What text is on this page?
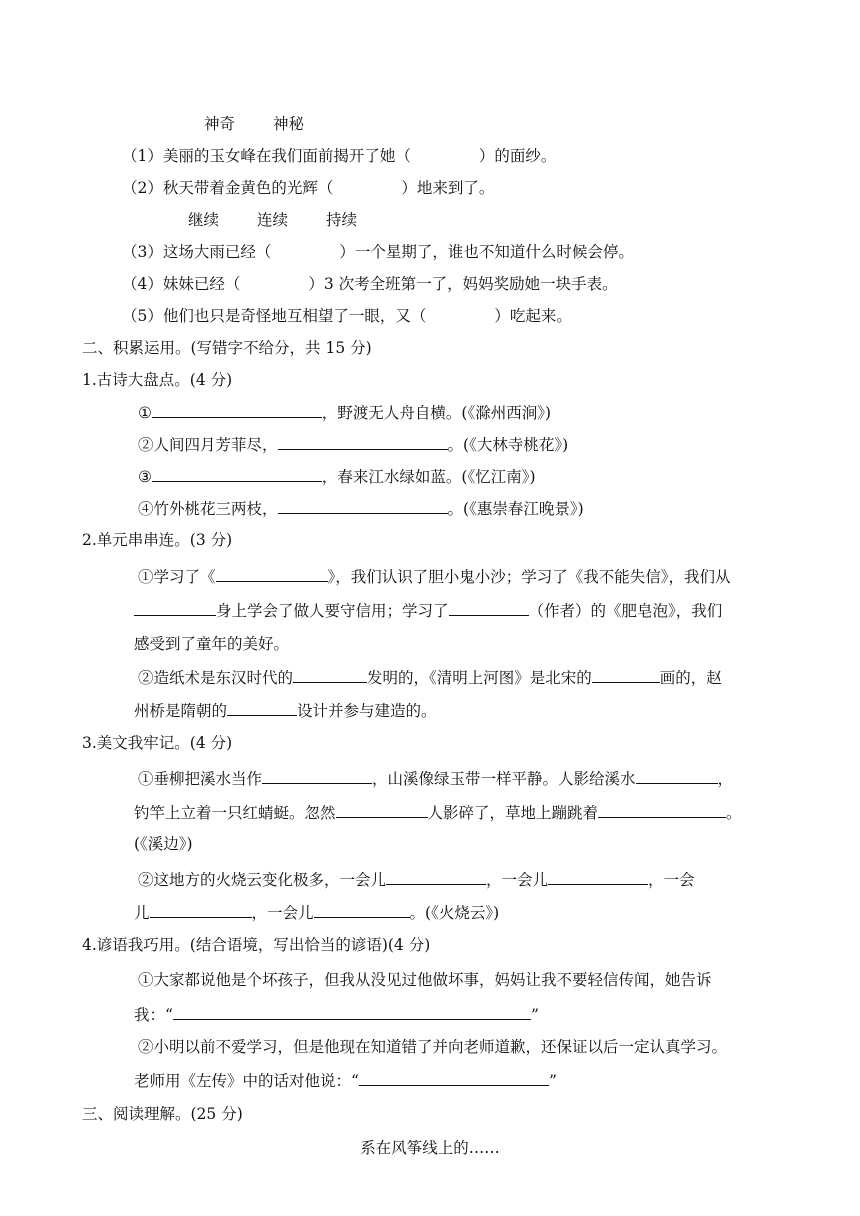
神奇 神秘
（1）美丽的玉女峰在我们面前揭开了她（	）的面纱。
（2）秋天带着金黄色的光辉（	）地来到了。
继续 连续 持续
（3）这场大雨已经（	）一个星期了，谁也不知道什么时候会停。
（4）妹妹已经（	）3 次考全班第一了，妈妈奖励她一块手表。
（5）他们也只是奇怪地互相望了一眼，又（	）吃起来。
二、积累运用。(写错字不给分，共 15 分)
1.古诗大盘点。(4 分)
①	，野渡无人舟自横。(《滁州西涧》)
②人间四月芳菲尽，	。(《大林寺桃花》)
③	，春来江水绿如蓝。(《忆江南》)
④竹外桃花三两枝，	。(《惠崇春江晚景》)
2.单元串串连。(3 分)
①学习了《	》，我们认识了胆小鬼小沙；学习了《我不能失信》，我们从
身上学会了做人要守信用；学习了	（作者）的《肥皂泡》，我们
感受到了童年的美好。
②造纸术是东汉时代的	发明的，《清明上河图》是北宋的	画的，赵
州桥是隋朝的	设计并参与建造的。
3.美文我牢记。(4 分)
①垂柳把溪水当作	，山溪像绿玉带一样平静。人影给溪水	，
钓竿上立着一只红蜻蜓。忽然	人影碎了，草地上蹦跳着	。
(《溪边》)
②这地方的火烧云变化极多，一会儿	，一会儿	，一会
儿	，一会儿	。(《火烧云》)
4.谚语我巧用。(结合语境，写出恰当的谚语)(4 分)
①大家都说他是个坏孩子，但我从没见过他做坏事，妈妈让我不要轻信传闻，她告诉
我：“	”
②小明以前不爱学习，但是他现在知道错了并向老师道歉，还保证以后一定认真学习。
老师用《左传》中的话对他说：“	”
三、阅读理解。(25 分)
系在风筝线上的……
